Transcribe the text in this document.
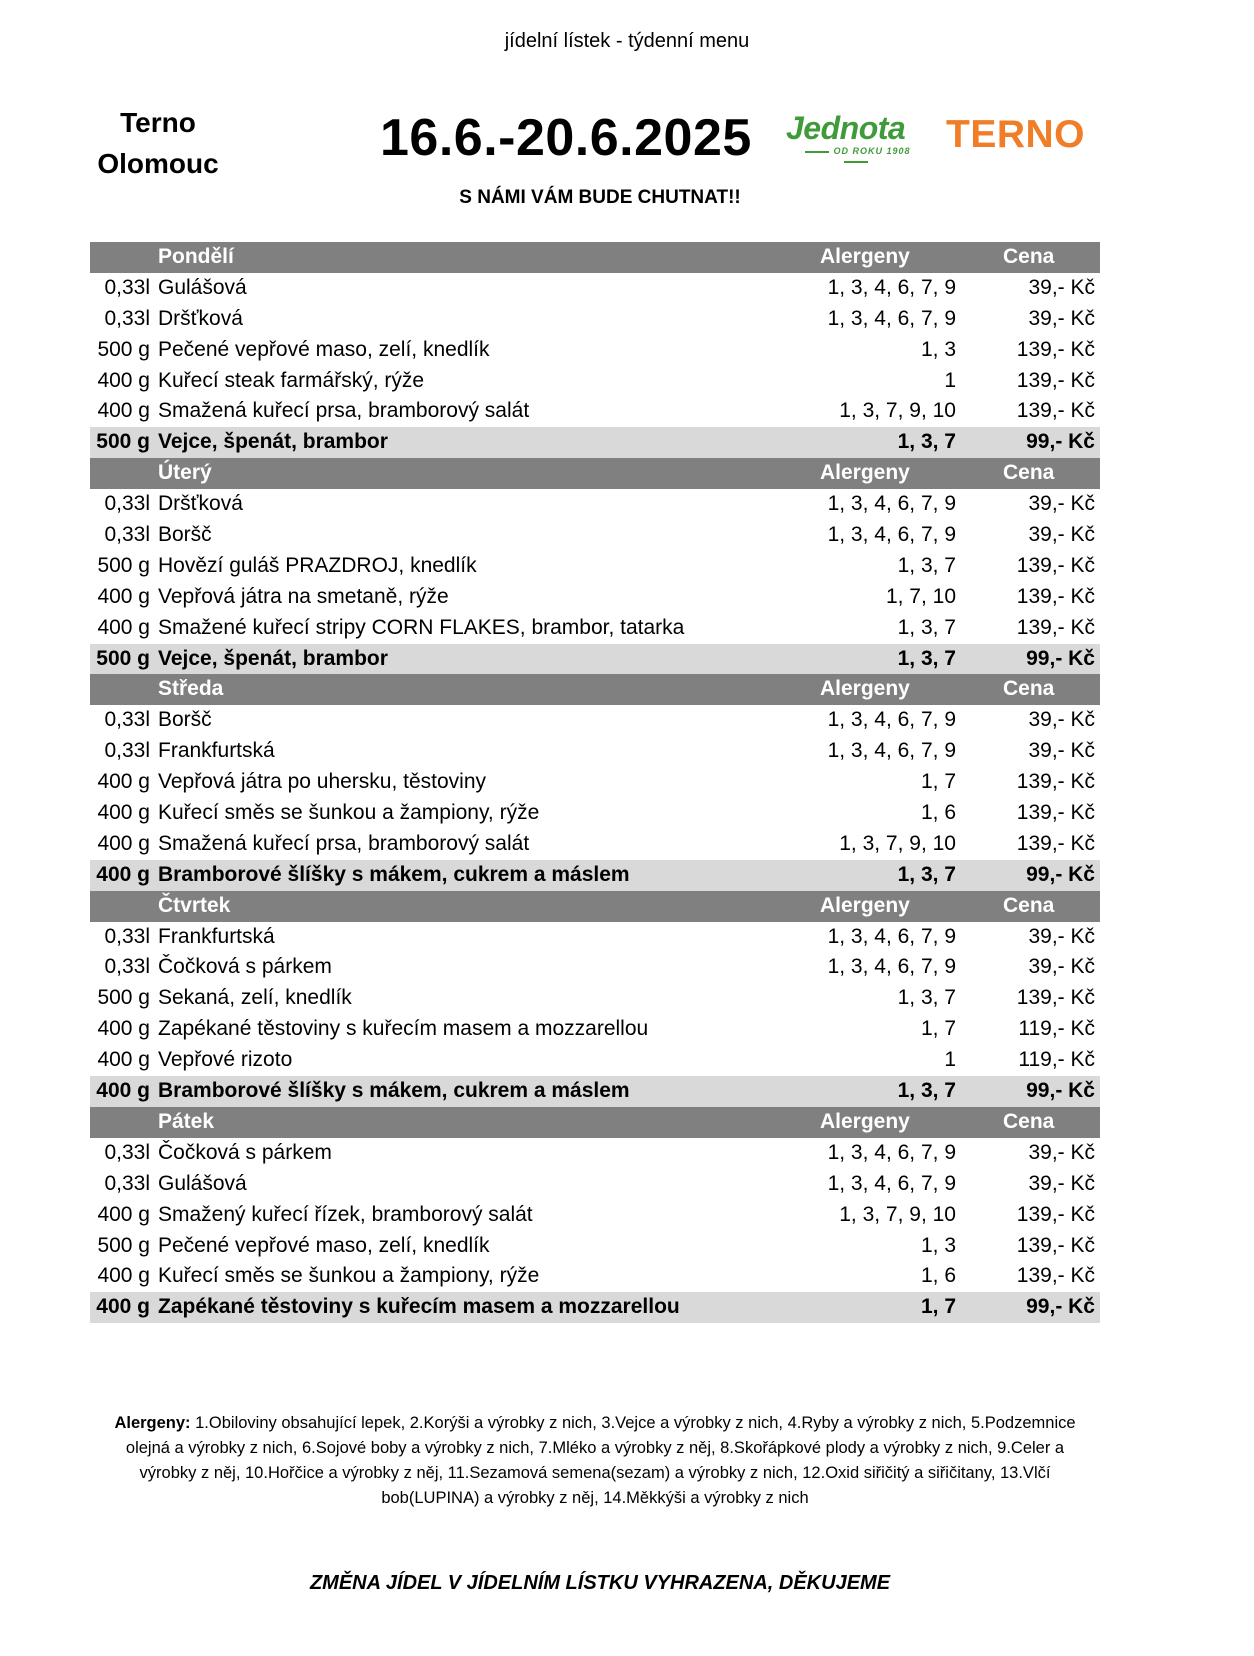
jídelní lístek - týdenní menu
Terno
Olomouc	16.6.-20.6.2025 Jednota
OD ROKU 1908 TERNO
S NÁMI VÁM BUDE CHUTNAT!!
Pondělí	Alergeny	Cena
0,33l Gulášová	1, 3, 4, 6, 7, 9	39,- Kč
0,33l Dršťková	1, 3, 4, 6, 7, 9	39,- Kč
500 g Pečené vepřové maso, zelí, knedlík	1, 3	139,- Kč
400 g Kuřecí steak farmářský, rýže	1	139,- Kč
400 g Smažená kuřecí prsa, bramborový salát	1, 3, 7, 9, 10	139,- Kč
500 g Vejce, špenát, brambor	1, 3, 7	99,- Kč
Úterý	Alergeny	Cena
0,33l Dršťková	1, 3, 4, 6, 7, 9	39,- Kč
0,33l Boršč	1, 3, 4, 6, 7, 9	39,- Kč
500 g Hovězí guláš PRAZDROJ, knedlík	1, 3, 7	139,- Kč
400 g Vepřová játra na smetaně, rýže	1, 7, 10	139,- Kč
400 g Smažené kuřecí stripy CORN FLAKES, brambor, tatarka	1, 3, 7	139,- Kč
500 g Vejce, špenát, brambor	1, 3, 7	99,- Kč
Středa	Alergeny	Cena
0,33l Boršč	1, 3, 4, 6, 7, 9	39,- Kč
0,33l Frankfurtská	1, 3, 4, 6, 7, 9	39,- Kč
400 g Vepřová játra po uhersku, těstoviny	1, 7	139,- Kč
400 g Kuřecí směs se šunkou a žampiony, rýže	1, 6	139,- Kč
400 g Smažená kuřecí prsa, bramborový salát	1, 3, 7, 9, 10	139,- Kč
400 g Bramborové šlíšky s mákem, cukrem a máslem	1, 3, 7	99,- Kč
Čtvrtek	Alergeny	Cena
0,33l Frankfurtská	1, 3, 4, 6, 7, 9	39,- Kč
0,33l Čočková s párkem	1, 3, 4, 6, 7, 9	39,- Kč
500 g Sekaná, zelí, knedlík	1, 3, 7	139,- Kč
400 g Zapékané těstoviny s kuřecím masem a mozzarellou	1, 7	119,- Kč
400 g Vepřové rizoto	1	119,- Kč
400 g Bramborové šlíšky s mákem, cukrem a máslem	1, 3, 7	99,- Kč
Pátek	Alergeny	Cena
0,33l Čočková s párkem	1, 3, 4, 6, 7, 9	39,- Kč
0,33l Gulášová	1, 3, 4, 6, 7, 9	39,- Kč
400 g Smažený kuřecí řízek, bramborový salát	1, 3, 7, 9, 10	139,- Kč
500 g Pečené vepřové maso, zelí, knedlík	1, 3	139,- Kč
400 g Kuřecí směs se šunkou a žampiony, rýže	1, 6	139,- Kč
400 g Zapékané těstoviny s kuřecím masem a mozzarellou	1, 7	99,- Kč
Alergeny: 1.Obiloviny obsahující lepek, 2.Korýši a výrobky z nich, 3.Vejce a výrobky z nich, 4.Ryby a výrobky z nich, 5.Podzemnice
olejná a výrobky z nich, 6.Sojové boby a výrobky z nich, 7.Mléko a výrobky z něj, 8.Skořápkové plody a výrobky z nich, 9.Celer a
výrobky z něj, 10.Hořčice a výrobky z něj, 11.Sezamová semena(sezam) a výrobky z nich, 12.Oxid siřičitý a siřičitany, 13.Vlčí
bob(LUPINA) a výrobky z něj, 14.Měkkýši a výrobky z nich
ZMĚNA JÍDEL V JÍDELNÍM LÍSTKU VYHRAZENA, DĚKUJEME
